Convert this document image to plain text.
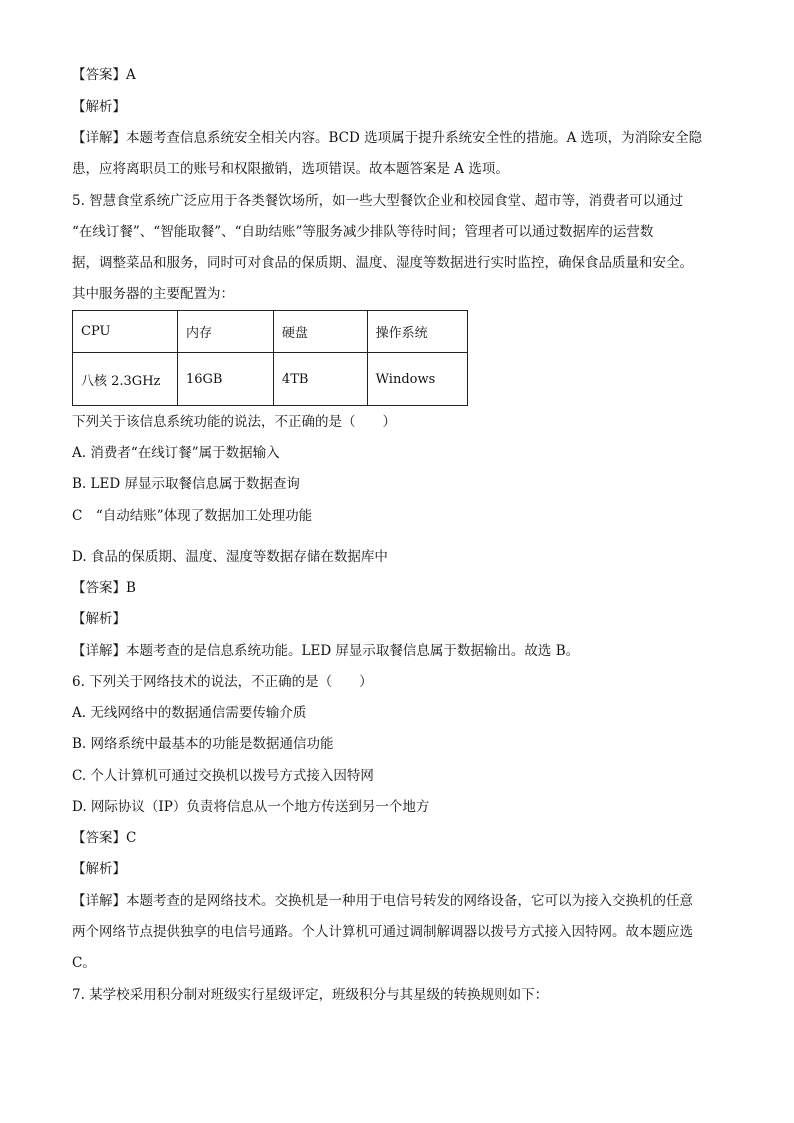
【答案】A
【解析】
【详解】本题考查信息系统安全相关内容。BCD 选项属于提升系统安全性的措施。A 选项，为消除安全隐
患，应将离职员工的账号和权限撤销，选项错误。故本题答案是 A 选项。
5. 智慧食堂系统广泛应用于各类餐饮场所，如一些大型餐饮企业和校园食堂、超市等，消费者可以通过
“在线订餐”、“智能取餐”、“自助结账”等服务减少排队等待时间；管理者可以通过数据库的运营数
据，调整菜品和服务，同时可对食品的保质期、温度、湿度等数据进行实时监控，确保食品质量和安全。
其中服务器的主要配置为：
CPU	内存	硬盘	操作系统
八核 2.3GHz	16GB	4TB	Windows
下列关于该信息系统功能的说法，不正确的是（　　）
A. 消费者“在线订餐”属于数据输入
B. LED 屏显示取餐信息属于数据查询
C　“自动结账”体现了数据加工处理功能
D. 食品的保质期、温度、湿度等数据存储在数据库中
【答案】B
【解析】
【详解】本题考查的是信息系统功能。LED 屏显示取餐信息属于数据输出。故选 B。
6. 下列关于网络技术的说法，不正确的是（　　）
A. 无线网络中的数据通信需要传输介质
B. 网络系统中最基本的功能是数据通信功能
C. 个人计算机可通过交换机以拨号方式接入因特网
D. 网际协议（IP）负责将信息从一个地方传送到另一个地方
【答案】C
【解析】
【详解】本题考查的是网络技术。交换机是一种用于电信号转发的网络设备，它可以为接入交换机的任意
两个网络节点提供独享的电信号通路。个人计算机可通过调制解调器以拨号方式接入因特网。故本题应选
C。
7. 某学校采用积分制对班级实行星级评定，班级积分与其星级的转换规则如下：
